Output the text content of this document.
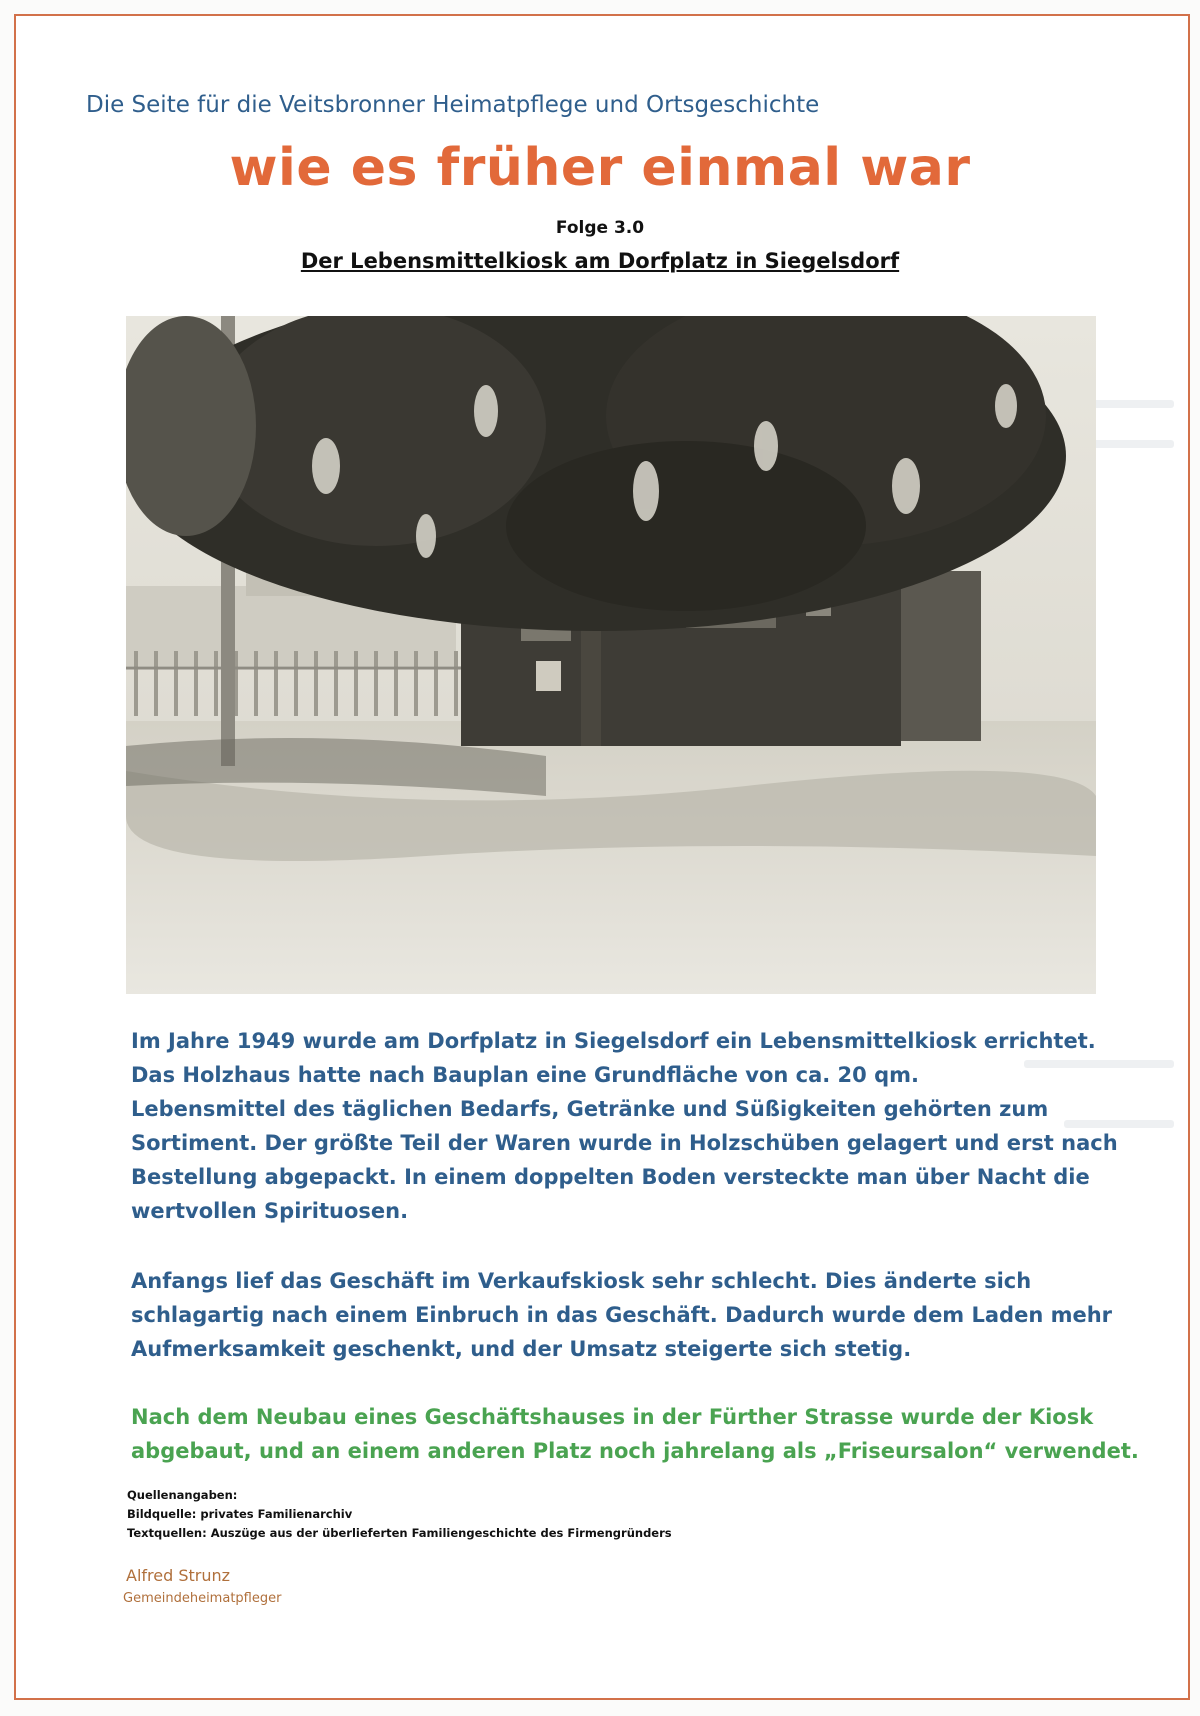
Die Seite für die Veitsbronner Heimatpflege und Ortsgeschichte
wie es früher einmal war
Folge 3.0
Der Lebensmittelkiosk am Dorfplatz in Siegelsdorf
Im Jahre 1949 wurde am Dorfplatz in Siegelsdorf ein Lebensmittelkiosk errichtet.
Das Holzhaus hatte nach Bauplan eine Grundfläche von ca. 20 qm.
Lebensmittel des täglichen Bedarfs, Getränke und Süßigkeiten gehörten zum
Sortiment. Der größte Teil der Waren wurde in Holzschüben gelagert und erst nach
Bestellung abgepackt. In einem doppelten Boden versteckte man über Nacht die
wertvollen Spirituosen.
Anfangs lief das Geschäft im Verkaufskiosk sehr schlecht. Dies änderte sich
schlagartig nach einem Einbruch in das Geschäft. Dadurch wurde dem Laden mehr
Aufmerksamkeit geschenkt, und der Umsatz steigerte sich stetig.
Nach dem Neubau eines Geschäftshauses in der Fürther Strasse wurde der Kiosk
abgebaut, und an einem anderen Platz noch jahrelang als „Friseursalon“ verwendet.
Quellenangaben:
Bildquelle: privates Familienarchiv
Textquellen: Auszüge aus der überlieferten Familiengeschichte des Firmengründers
Alfred Strunz
Gemeindeheimatpfleger
